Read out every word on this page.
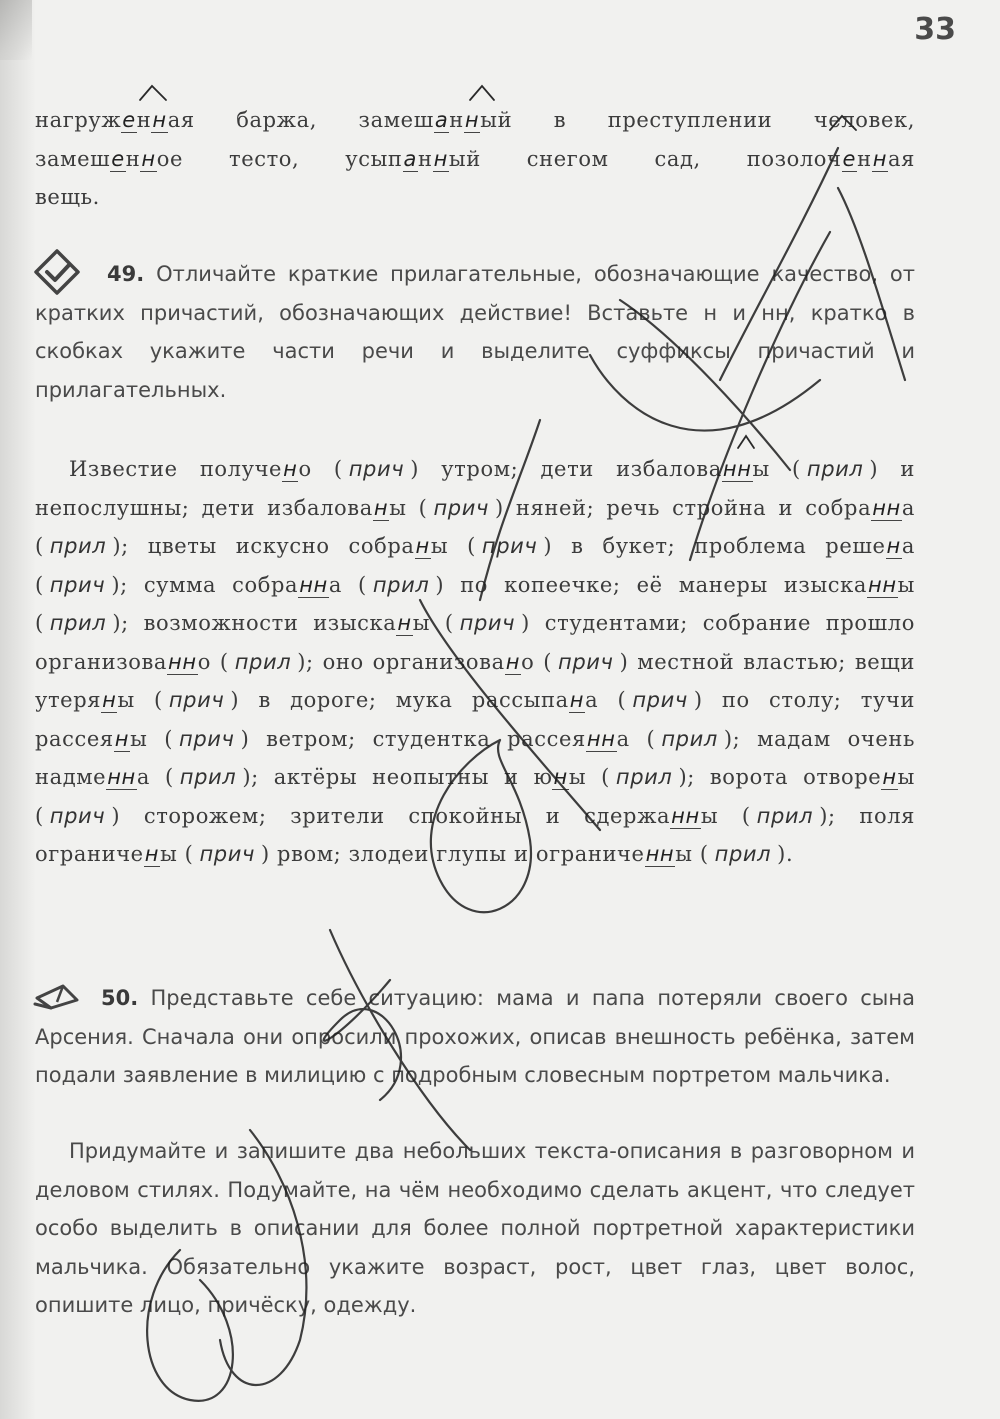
33
нагруженная баржа, замешанный в преступлении человек,
замешенное тесто, усыпанный снегом сад, позолоченная
вещь.
49. Отличайте краткие прилагательные, обозначающие качество, от кратких причастий, обозначающих действие! Вставьте н и нн, кратко в скобках укажите части речи и выделите суффиксы причастий и прилагательных.
Известие получено ( прич ) утром; дети избалованны ( прил ) и непослушны; дети избалованы ( прич ) няней; речь стройна и собранна ( прил ); цветы искусно собраны ( прич ) в букет; проблема решена ( прич ); сумма собранна ( прил ) по копеечке; её манеры изысканны ( прил ); возможности изысканы ( прич ) студентами; собрание прошло организованно ( прил ); оно организовано ( прич ) местной властью; вещи утеряны ( прич ) в дороге; мука рассыпана ( прич ) по столу; тучи рассеяны ( прич ) ветром; студентка рассеянна ( прил ); мадам очень надменна ( прил ); актёры неопытны и юны ( прил ); ворота отворены ( прич ) сторожем; зрители спокойны и сдержанны ( прил ); поля ограничены ( прич ) рвом; злодеи глупы и ограниченны ( прил ).
50. Представьте себе ситуацию: мама и папа потеряли своего сына Арсения. Сначала они опросили прохожих, описав внешность ребёнка, затем подали заявление в милицию с подробным словесным портретом мальчика.
Придумайте и запишите два небольших текста-описания в разговорном и деловом стилях. Подумайте, на чём необходимо сделать акцент, что следует особо выделить в описании для более полной портретной характеристики мальчика. Обязательно укажите возраст, рост, цвет глаз, цвет волос, опишите лицо, причёску, одежду.
